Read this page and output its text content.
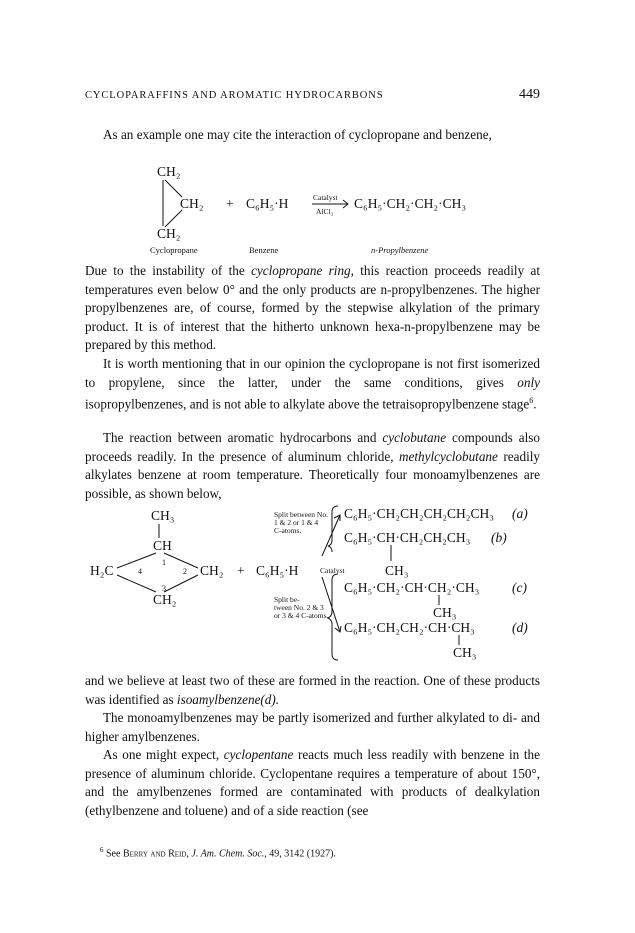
CYCLOPARAFFINS AND AROMATIC HYDROCARBONS	449

As an example one may cite the interaction of cyclopropane and benzene,

CH₂
CH₂
CH₂
+ C₆H₅·H	Catalyst
AlCl₃
C₆H₅·CH₂·CH₂·CH₃
Cyclopropane	Benzene	n-Propylbenzene

Due to the instability of the cyclopropane ring, this reaction proceeds readily at temperatures even below 0° and the only products are n-propylbenzenes. The higher propylbenzenes are, of course, formed by the stepwise alkylation of the primary product. It is of interest that the hitherto unknown hexa-n-propylbenzene may be prepared by this method.

It is worth mentioning that in our opinion the cyclopropane is not first isomerized to propylene, since the latter, under the same conditions, gives only isopropylbenzenes, and is not able to alkylate above the tetraisopropylbenzene stage$^6$.

The reaction between aromatic hydrocarbons and cyclobutane compounds also proceeds readily. In the presence of aluminum chloride, methylcyclobutane readily alkylates benzene at room temperature. Theoretically four monoamylbenzenes are possible, as shown below,

CH₃
CH
1
H₂C	4	2 CH₂
3
CH₂
+ C₆H₅·H	Catalyst
Split between No.
1 & 2 or 1 & 4
C-atoms.
Split be-
tween No. 2 & 3
or 3 & 4 C-atoms.
C₆H₅·CH₂CH₂CH₂CH₂CH₃ (a)
C₆H₅·CH·CH₂CH₂CH₃
CH₃
(b)
C₆H₅·CH₂·CH·CH₂·CH₃
CH₃
(c)
C₆H₅·CH₂CH₂·CH·CH₃
CH₃
(d)

and we believe at least two of these are formed in the reaction. One of these products was identified as isoamylbenzene(d).

The monoamylbenzenes may be partly isomerized and further alkylated to di- and higher amylbenzenes.

As one might expect, cyclopentane reacts much less readily with benzene in the presence of aluminum chloride. Cyclopentane requires a temperature of about 150°, and the amylbenzenes formed are contaminated with products of dealkylation (ethylbenzene and toluene) and of a side reaction (see

$^6$ See Berry and Reid, J. Am. Chem. Soc., 49, 3142 (1927).
